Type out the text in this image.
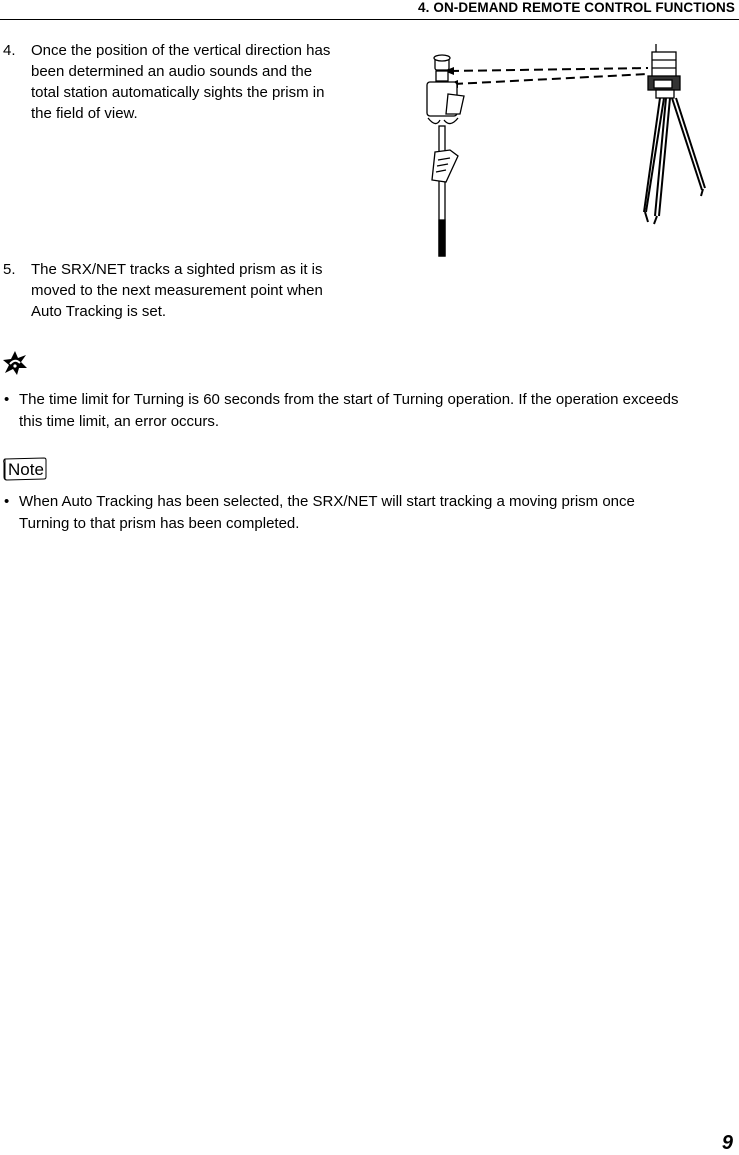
4. ON-DEMAND REMOTE CONTROL FUNCTIONS
4. Once the position of the vertical direction has
been determined an audio sounds and the
total station automatically sights the prism in
the field of view.
5. The SRX/NET tracks a sighted prism as it is
moved to the next measurement point when
Auto Tracking is set.
• The time limit for Turning is 60 seconds from the start of Turning operation. If the operation exceeds
this time limit, an error occurs.
Note
• When Auto Tracking has been selected, the SRX/NET will start tracking a moving prism once
Turning to that prism has been completed.
9
